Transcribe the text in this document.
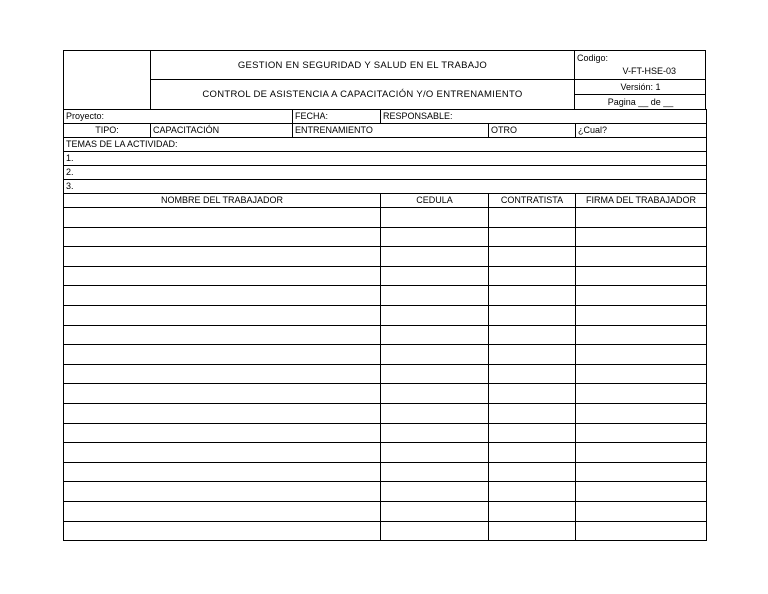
GESTION EN SEGURIDAD Y SALUD EN EL TRABAJO
CONTROL DE ASISTENCIA A CAPACITACIÓN Y/O ENTRENAMIENTO
Codigo:
V-FT-HSE-03
Versión: 1
Pagina __ de __
Proyecto:		FECHA:	RESPONSABLE:		
TIPO:	CAPACITACIÓN	ENTRENAMIENTO		OTRO	¿Cual?
TEMAS DE LA ACTIVIDAD:					
1.					
2.					
3.					
NOMBRE DEL TRABAJADOR			CEDULA	CONTRATISTA	FIRMA DEL TRABAJADOR
